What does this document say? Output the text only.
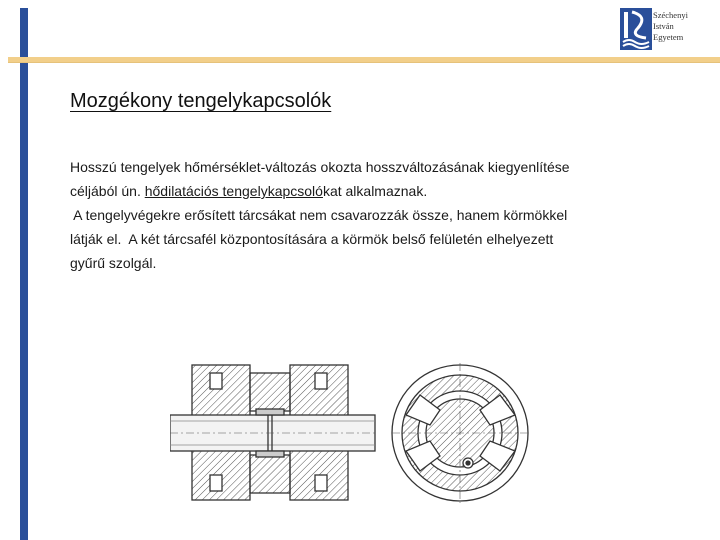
Széchenyi
István
Egyetem
Mozgékony tengelykapcsolók

Hosszú tengelyek hőmérséklet-változás okozta hosszváltozásának kiegyenlítése

céljából ún. hődilatációs tengelykapcsolókat alkalmaznak.

A tengelyvégekre erősített tárcsákat nem csavarozzák össze, hanem körmökkel

látják el.  A két tárcsafél központosítására a körmök belső felületén elhelyezett

gyűrű szolgál.
